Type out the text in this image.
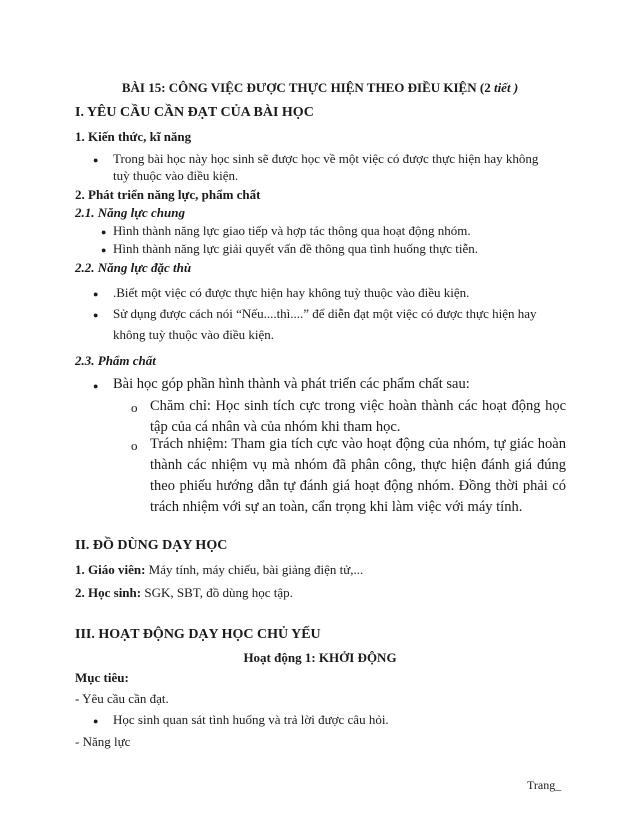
BÀI 15: CÔNG VIỆC ĐƯỢC THỰC HIỆN THEO ĐIỀU KIỆN (2 tiết )
I. YÊU CẦU CẦN ĐẠT CỦA BÀI HỌC
1. Kiến thức, kĩ năng
● Trong bài học này học sinh sẽ được học về một việc có được thực hiện hay không
tuỳ thuộc vào điều kiện.
2. Phát triển năng lực, phẩm chất
2.1. Năng lực chung
● Hình thành năng lực giao tiếp và hợp tác thông qua hoạt động nhóm.
● Hình thành năng lực giải quyết vấn đề thông qua tình huống thực tiễn.
2.2. Năng lực đặc thù
● .Biết một việc có được thực hiện hay không tuỳ thuộc vào điều kiện.
● Sử dụng được cách nói “Nếu....thì....” để diễn đạt một việc có được thực hiện hay
không tuỳ thuộc vào điều kiện.
2.3. Phẩm chất
● Bài học góp phần hình thành và phát triển các phẩm chất sau:
o Chăm chỉ: Học sinh tích cực trong việc hoàn thành các hoạt động học tập của cá nhân và của nhóm khi tham học.
o Trách nhiệm: Tham gia tích cực vào hoạt động của nhóm, tự giác hoàn thành các nhiệm vụ mà nhóm đã phân công, thực hiện đánh giá đúng theo phiếu hướng dẫn tự đánh giá hoạt động nhóm. Đồng thời phải có trách nhiệm với sự an toàn, cẩn trọng khi làm việc với máy tính.
II. ĐỒ DÙNG DẠY HỌC
1. Giáo viên: Máy tính, máy chiếu, bài giảng điện tử,...
2. Học sinh: SGK, SBT, đồ dùng học tập.
III. HOẠT ĐỘNG DẠY HỌC CHỦ YẾU
Hoạt động 1: KHỞI ĐỘNG
Mục tiêu:
- Yêu cầu cần đạt.
● Học sinh quan sát tình huống và trả lời được câu hỏi.
- Năng lực
Trang_
